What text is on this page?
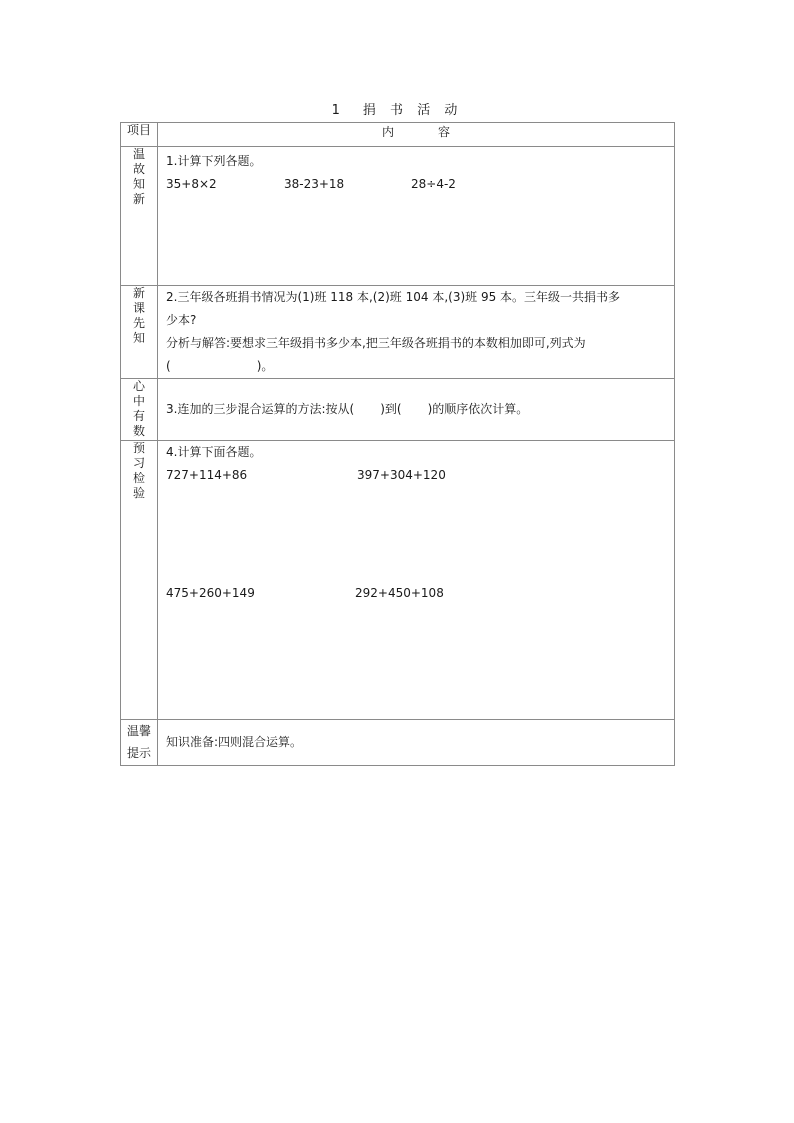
1　捐 书 活 动
项目	内　容
温故知新	1.计算下列各题。
35+8×2 38-23+18 28÷4-2

新课先知	2.三年级各班捐书情况为(1)班 118 本,(2)班 104 本,(3)班 95 本。三年级一共捐书多
少本?
分析与解答:要想求三年级捐书多少本,把三年级各班捐书的本数相加即可,列式为
( )。

心中有数	3.连加的三步混合运算的方法:按从( )到( )的顺序依次计算。

预习检验	4.计算下面各题。
727+114+86 397+304+120
475+260+149 292+450+108

温馨提示	知识准备:四则混合运算。
